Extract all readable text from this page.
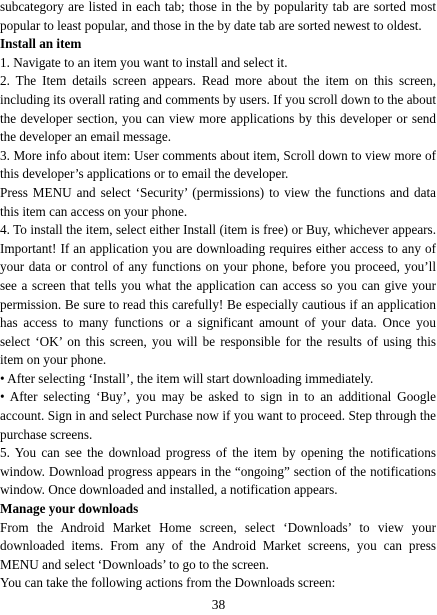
subcategory are listed in each tab; those in the by popularity tab are sorted most popular to least popular, and those in the by date tab are sorted newest to oldest.

Install an item

1. Navigate to an item you want to install and select it.

2. The Item details screen appears. Read more about the item on this screen, including its overall rating and comments by users. If you scroll down to the about the developer section, you can view more applications by this developer or send the developer an email message.

3. More info about item: User comments about item, Scroll down to view more of this developer’s applications or to email the developer.

Press MENU and select ‘Security’ (permissions) to view the functions and data this item can access on your phone.

4. To install the item, select either Install (item is free) or Buy, whichever appears. Important! If an application you are downloading requires either access to any of your data or control of any functions on your phone, before you proceed, you’ll see a screen that tells you what the application can access so you can give your permission. Be sure to read this carefully! Be especially cautious if an application has access to many functions or a significant amount of your data. Once you select ‘OK’ on this screen, you will be responsible for the results of using this item on your phone.

• After selecting ‘Install’, the item will start downloading immediately.

• After selecting ‘Buy’, you may be asked to sign in to an additional Google account. Sign in and select Purchase now if you want to proceed. Step through the purchase screens.

5. You can see the download progress of the item by opening the notifications window. Download progress appears in the “ongoing” section of the notifications window. Once downloaded and installed, a notification appears.

Manage your downloads

From the Android Market Home screen, select ‘Downloads’ to view your downloaded items. From any of the Android Market screens, you can press MENU and select ‘Downloads’ to go to the screen.

You can take the following actions from the Downloads screen:

38
